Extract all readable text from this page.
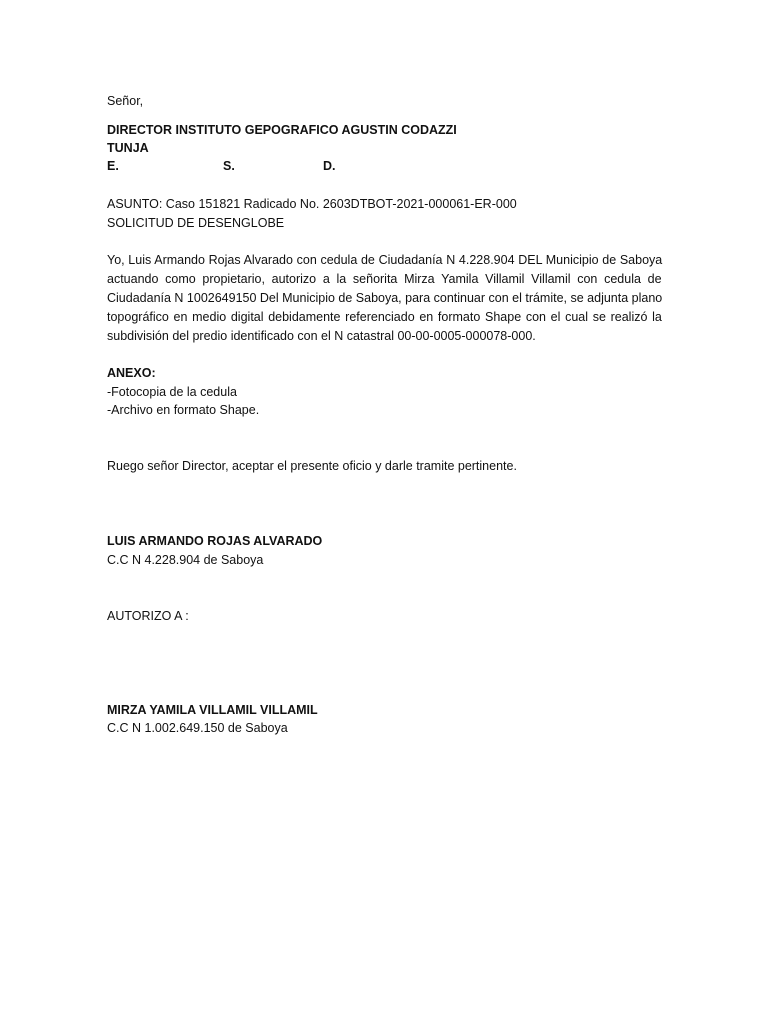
Señor,
DIRECTOR INSTITUTO GEPOGRAFICO AGUSTIN CODAZZI
TUNJA
E.	S.	D.
ASUNTO: Caso 151821 Radicado No. 2603DTBOT-2021-000061-ER-000
SOLICITUD DE DESENGLOBE
Yo, Luis Armando Rojas Alvarado con cedula de Ciudadanía N 4.228.904 DEL Municipio de Saboya
actuando como propietario, autorizo a la señorita Mirza Yamila Villamil Villamil con cedula de
Ciudadanía N 1002649150 Del Municipio de Saboya, para continuar con el trámite, se adjunta plano
topográfico en medio digital debidamente referenciado en formato Shape con el cual se realizó la
subdivisión del predio identificado con el N catastral 00-00-0005-000078-000.
ANEXO:
-Fotocopia de la cedula
-Archivo en formato Shape.
Ruego señor Director, aceptar el presente oficio y darle tramite pertinente.
LUIS ARMANDO ROJAS ALVARADO
C.C N 4.228.904 de Saboya
AUTORIZO A :
MIRZA YAMILA VILLAMIL VILLAMIL
C.C N 1.002.649.150 de Saboya
